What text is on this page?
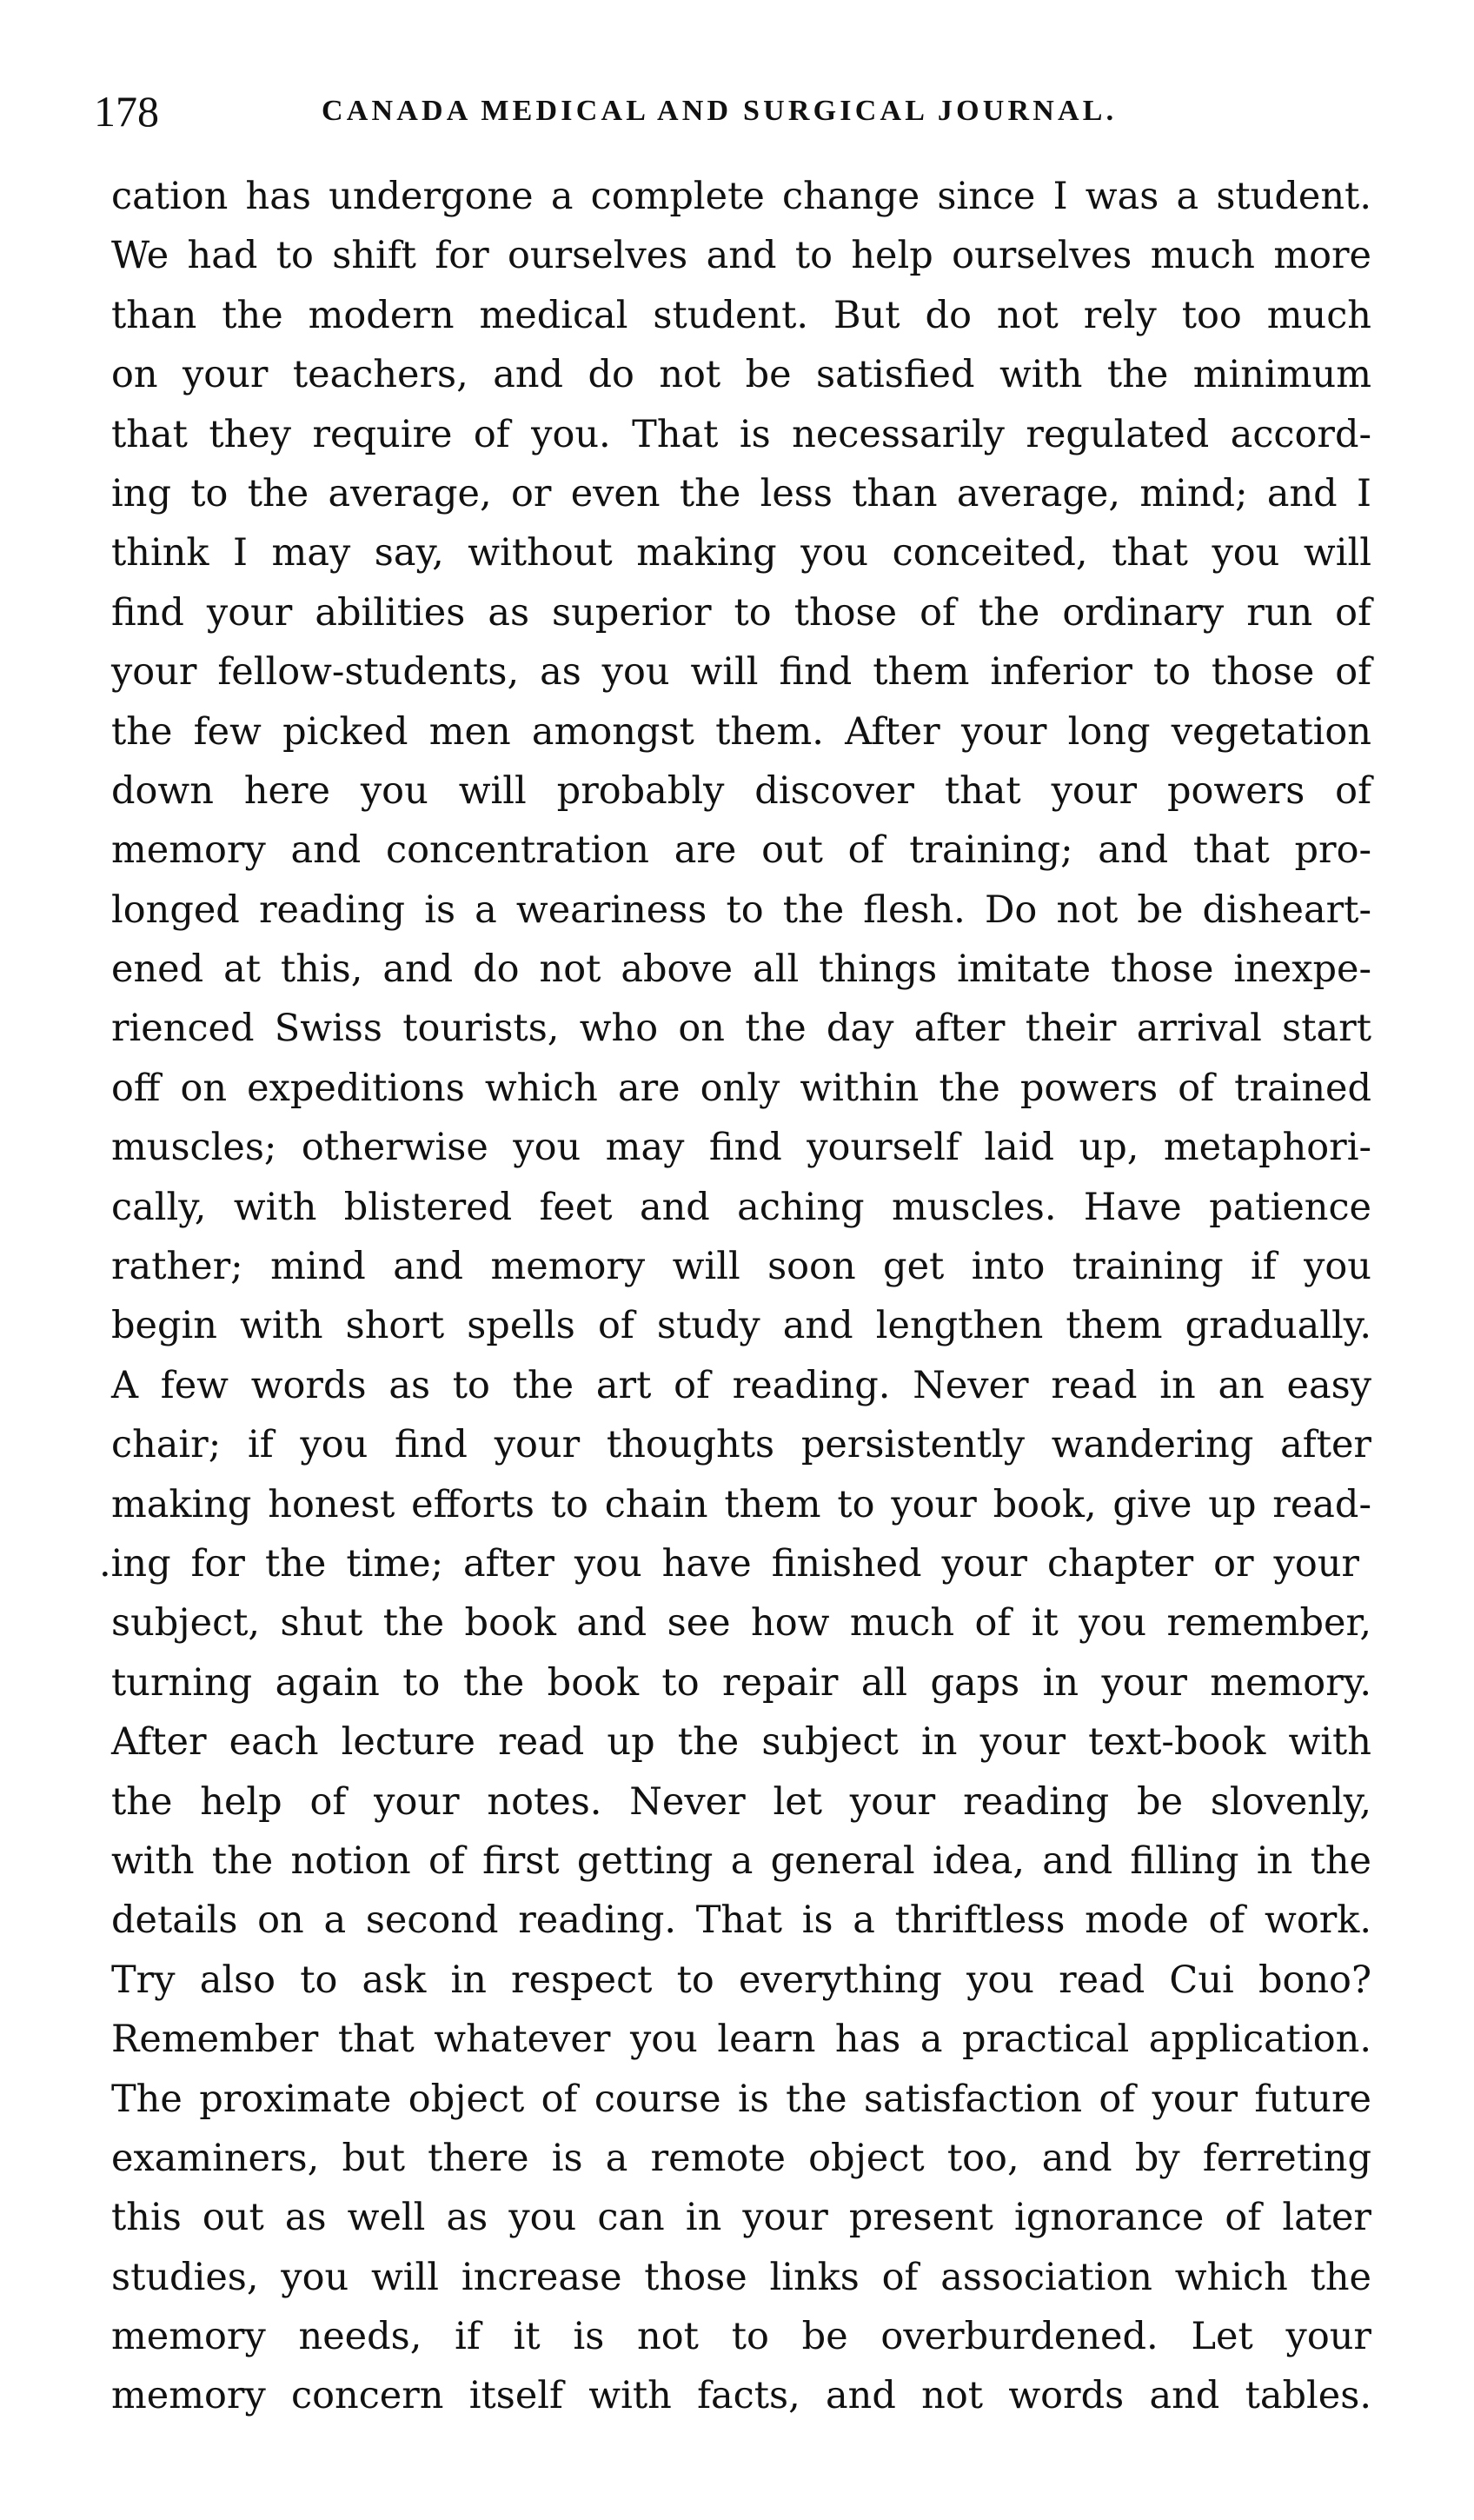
178	CANADA MEDICAL AND SURGICAL JOURNAL.
cation has undergone a complete change since I was a student.
We had to shift for ourselves and to help ourselves much more
than the modern medical student. But do not rely too much
on your teachers, and do not be satisfied with the minimum
that they require of you. That is necessarily regulated accord-
ing to the average, or even the less than average, mind; and I
think I may say, without making you conceited, that you will
find your abilities as superior to those of the ordinary run of
your fellow-students, as you will find them inferior to those of
the few picked men amongst them. After your long vegetation
down here you will probably discover that your powers of
memory and concentration are out of training; and that pro-
longed reading is a weariness to the flesh. Do not be disheart-
ened at this, and do not above all things imitate those inexpe-
rienced Swiss tourists, who on the day after their arrival start
off on expeditions which are only within the powers of trained
muscles; otherwise you may find yourself laid up, metaphori-
cally, with blistered feet and aching muscles. Have patience
rather; mind and memory will soon get into training if you
begin with short spells of study and lengthen them gradually.
A few words as to the art of reading. Never read in an easy
chair; if you find your thoughts persistently wandering after
making honest efforts to chain them to your book, give up read-
.ing for the time; after you have finished your chapter or your
subject, shut the book and see how much of it you remember,
turning again to the book to repair all gaps in your memory.
After each lecture read up the subject in your text-book with
the help of your notes. Never let your reading be slovenly,
with the notion of first getting a general idea, and filling in the
details on a second reading. That is a thriftless mode of work.
Try also to ask in respect to everything you read Cui bono?
Remember that whatever you learn has a practical application.
The proximate object of course is the satisfaction of your future
examiners, but there is a remote object too, and by ferreting
this out as well as you can in your present ignorance of later
studies, you will increase those links of association which the
memory needs, if it is not to be overburdened. Let your
memory concern itself with facts, and not words and tables.
